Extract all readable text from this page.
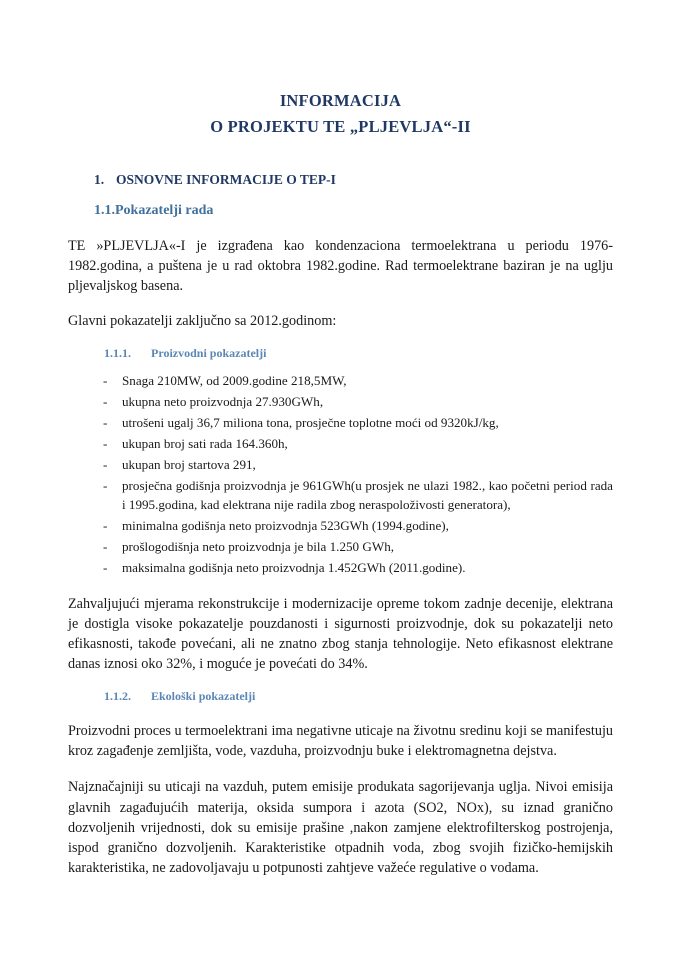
INFORMACIJA
O PROJEKTU TE „PLJEVLJA“-II
1. OSNOVNE INFORMACIJE O TEP-I
1.1.Pokazatelji rada

TE »PLJEVLJA«-I je izgrađena kao kondenzaciona termoelektrana u periodu 1976-1982.godina, a puštena je u rad oktobra 1982.godine. Rad termoelektrane baziran je na uglju pljevaljskog basena.

Glavni pokazatelji zaključno sa 2012.godinom:

1.1.1. Proizvodni pokazatelji
- Snaga 210MW, od 2009.godine 218,5MW,
- ukupna neto proizvodnja 27.930GWh,
- utrošeni ugalj 36,7 miliona tona, prosječne toplotne moći od 9320kJ/kg,
- ukupan broj sati rada 164.360h,
- ukupan broj startova 291,
- prosječna godišnja proizvodnja je 961GWh(u prosjek ne ulazi 1982., kao početni period rada i 1995.godina, kad elektrana nije radila zbog neraspoloživosti generatora),
- minimalna godišnja neto proizvodnja 523GWh (1994.godine),
- prošlogodišnja neto proizvodnja je bila 1.250 GWh,
- maksimalna godišnja neto proizvodnja 1.452GWh (2011.godine).

Zahvaljujući mjerama rekonstrukcije i modernizacije opreme tokom zadnje decenije, elektrana je dostigla visoke pokazatelje pouzdanosti i sigurnosti proizvodnje, dok su pokazatelji neto efikasnosti, takođe povećani, ali ne znatno zbog stanja tehnologije. Neto efikasnost elektrane danas iznosi oko 32%, i moguće je povećati do 34%.

1.1.2. Ekološki pokazatelji

Proizvodni proces u termoelektrani ima negativne uticaje na životnu sredinu koji se manifestuju kroz zagađenje zemljišta, vode, vazduha, proizvodnju buke i elektromagnetna dejstva.

Najznačajniji su uticaji na vazduh, putem emisije produkata sagorijevanja uglja. Nivoi emisija glavnih zagađujućih materija, oksida sumpora i azota (SO2, NOx), su iznad granično dozvoljenih vrijednosti, dok su emisije prašine ,nakon zamjene elektrofilterskog postrojenja, ispod granično dozvoljenih. Karakteristike otpadnih voda, zbog svojih fizičko-hemijskih karakteristika, ne zadovoljavaju u potpunosti zahtjeve važeće regulative o vodama.
